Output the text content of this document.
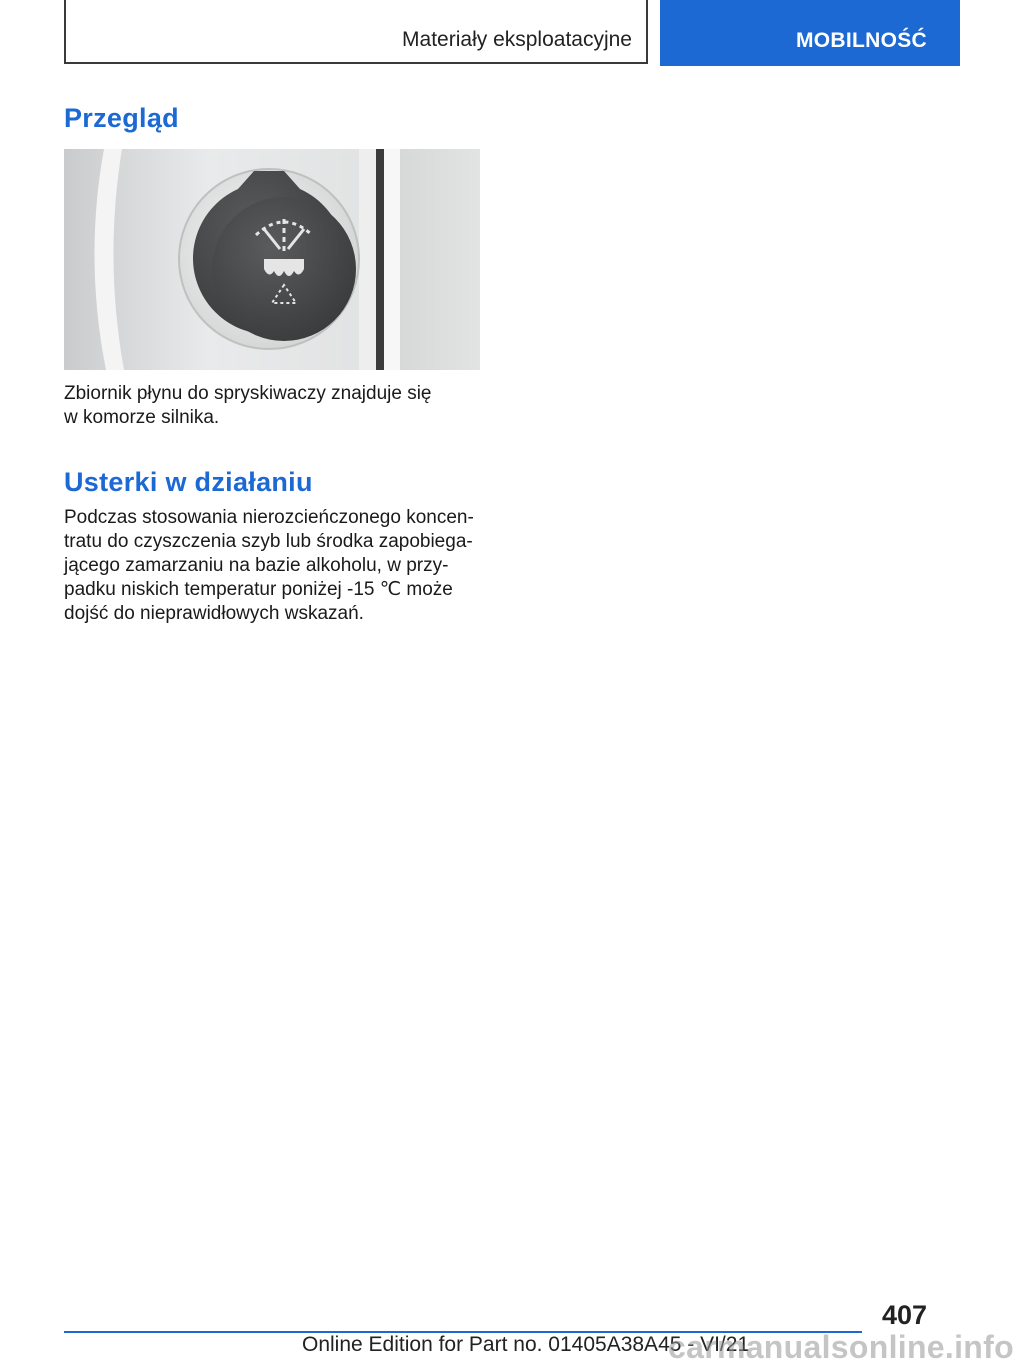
Materiały eksploatacyjne	MOBILNOŚĆ
Przegląd

Zbiornik płynu do spryskiwaczy znajduje się
w komorze silnika.

Usterki w działaniu

Podczas stosowania nierozcieńczonego koncen-
tratu do czyszczenia szyb lub środka zapobiega-
jącego zamarzaniu na bazie alkoholu, w przy-
padku niskich temperatur poniżej -15 ℃ może
dojść do nieprawidłowych wskazań.

407
Online Edition for Part no. 01405A38A45 - VI/21
carmanualsonline.info
